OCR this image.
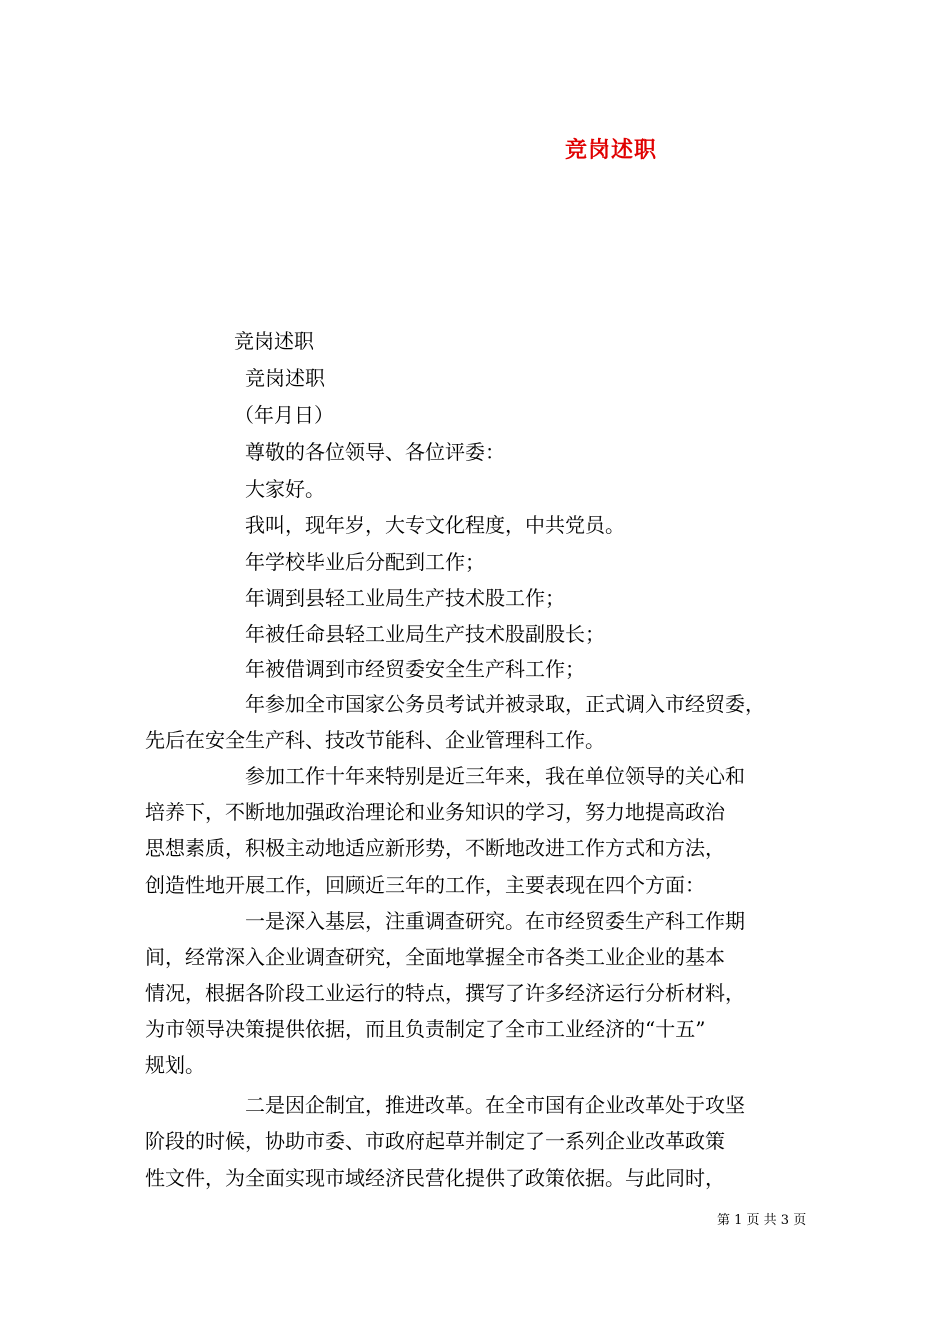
竞岗述职
竞岗述职
竞岗述职
（年月日）
尊敬的各位领导、各位评委：
大家好。
我叫，现年岁，大专文化程度，中共党员。
年学校毕业后分配到工作；
年调到县轻工业局生产技术股工作；
年被任命县轻工业局生产技术股副股长；
年被借调到市经贸委安全生产科工作；
年参加全市国家公务员考试并被录取，正式调入市经贸委，
先后在安全生产科、技改节能科、企业管理科工作。
参加工作十年来特别是近三年来，我在单位领导的关心和
培养下，不断地加强政治理论和业务知识的学习，努力地提高政治
思想素质，积极主动地适应新形势，不断地改进工作方式和方法，
创造性地开展工作，回顾近三年的工作，主要表现在四个方面：
一是深入基层，注重调查研究。在市经贸委生产科工作期
间，经常深入企业调查研究，全面地掌握全市各类工业企业的基本
情况，根据各阶段工业运行的特点，撰写了许多经济运行分析材料，
为市领导决策提供依据，而且负责制定了全市工业经济的“十五”
规划。
二是因企制宜，推进改革。在全市国有企业改革处于攻坚
阶段的时候，协助市委、市政府起草并制定了一系列企业改革政策
性文件，为全面实现市域经济民营化提供了政策依据。与此同时，
第 1 页 共 3 页
